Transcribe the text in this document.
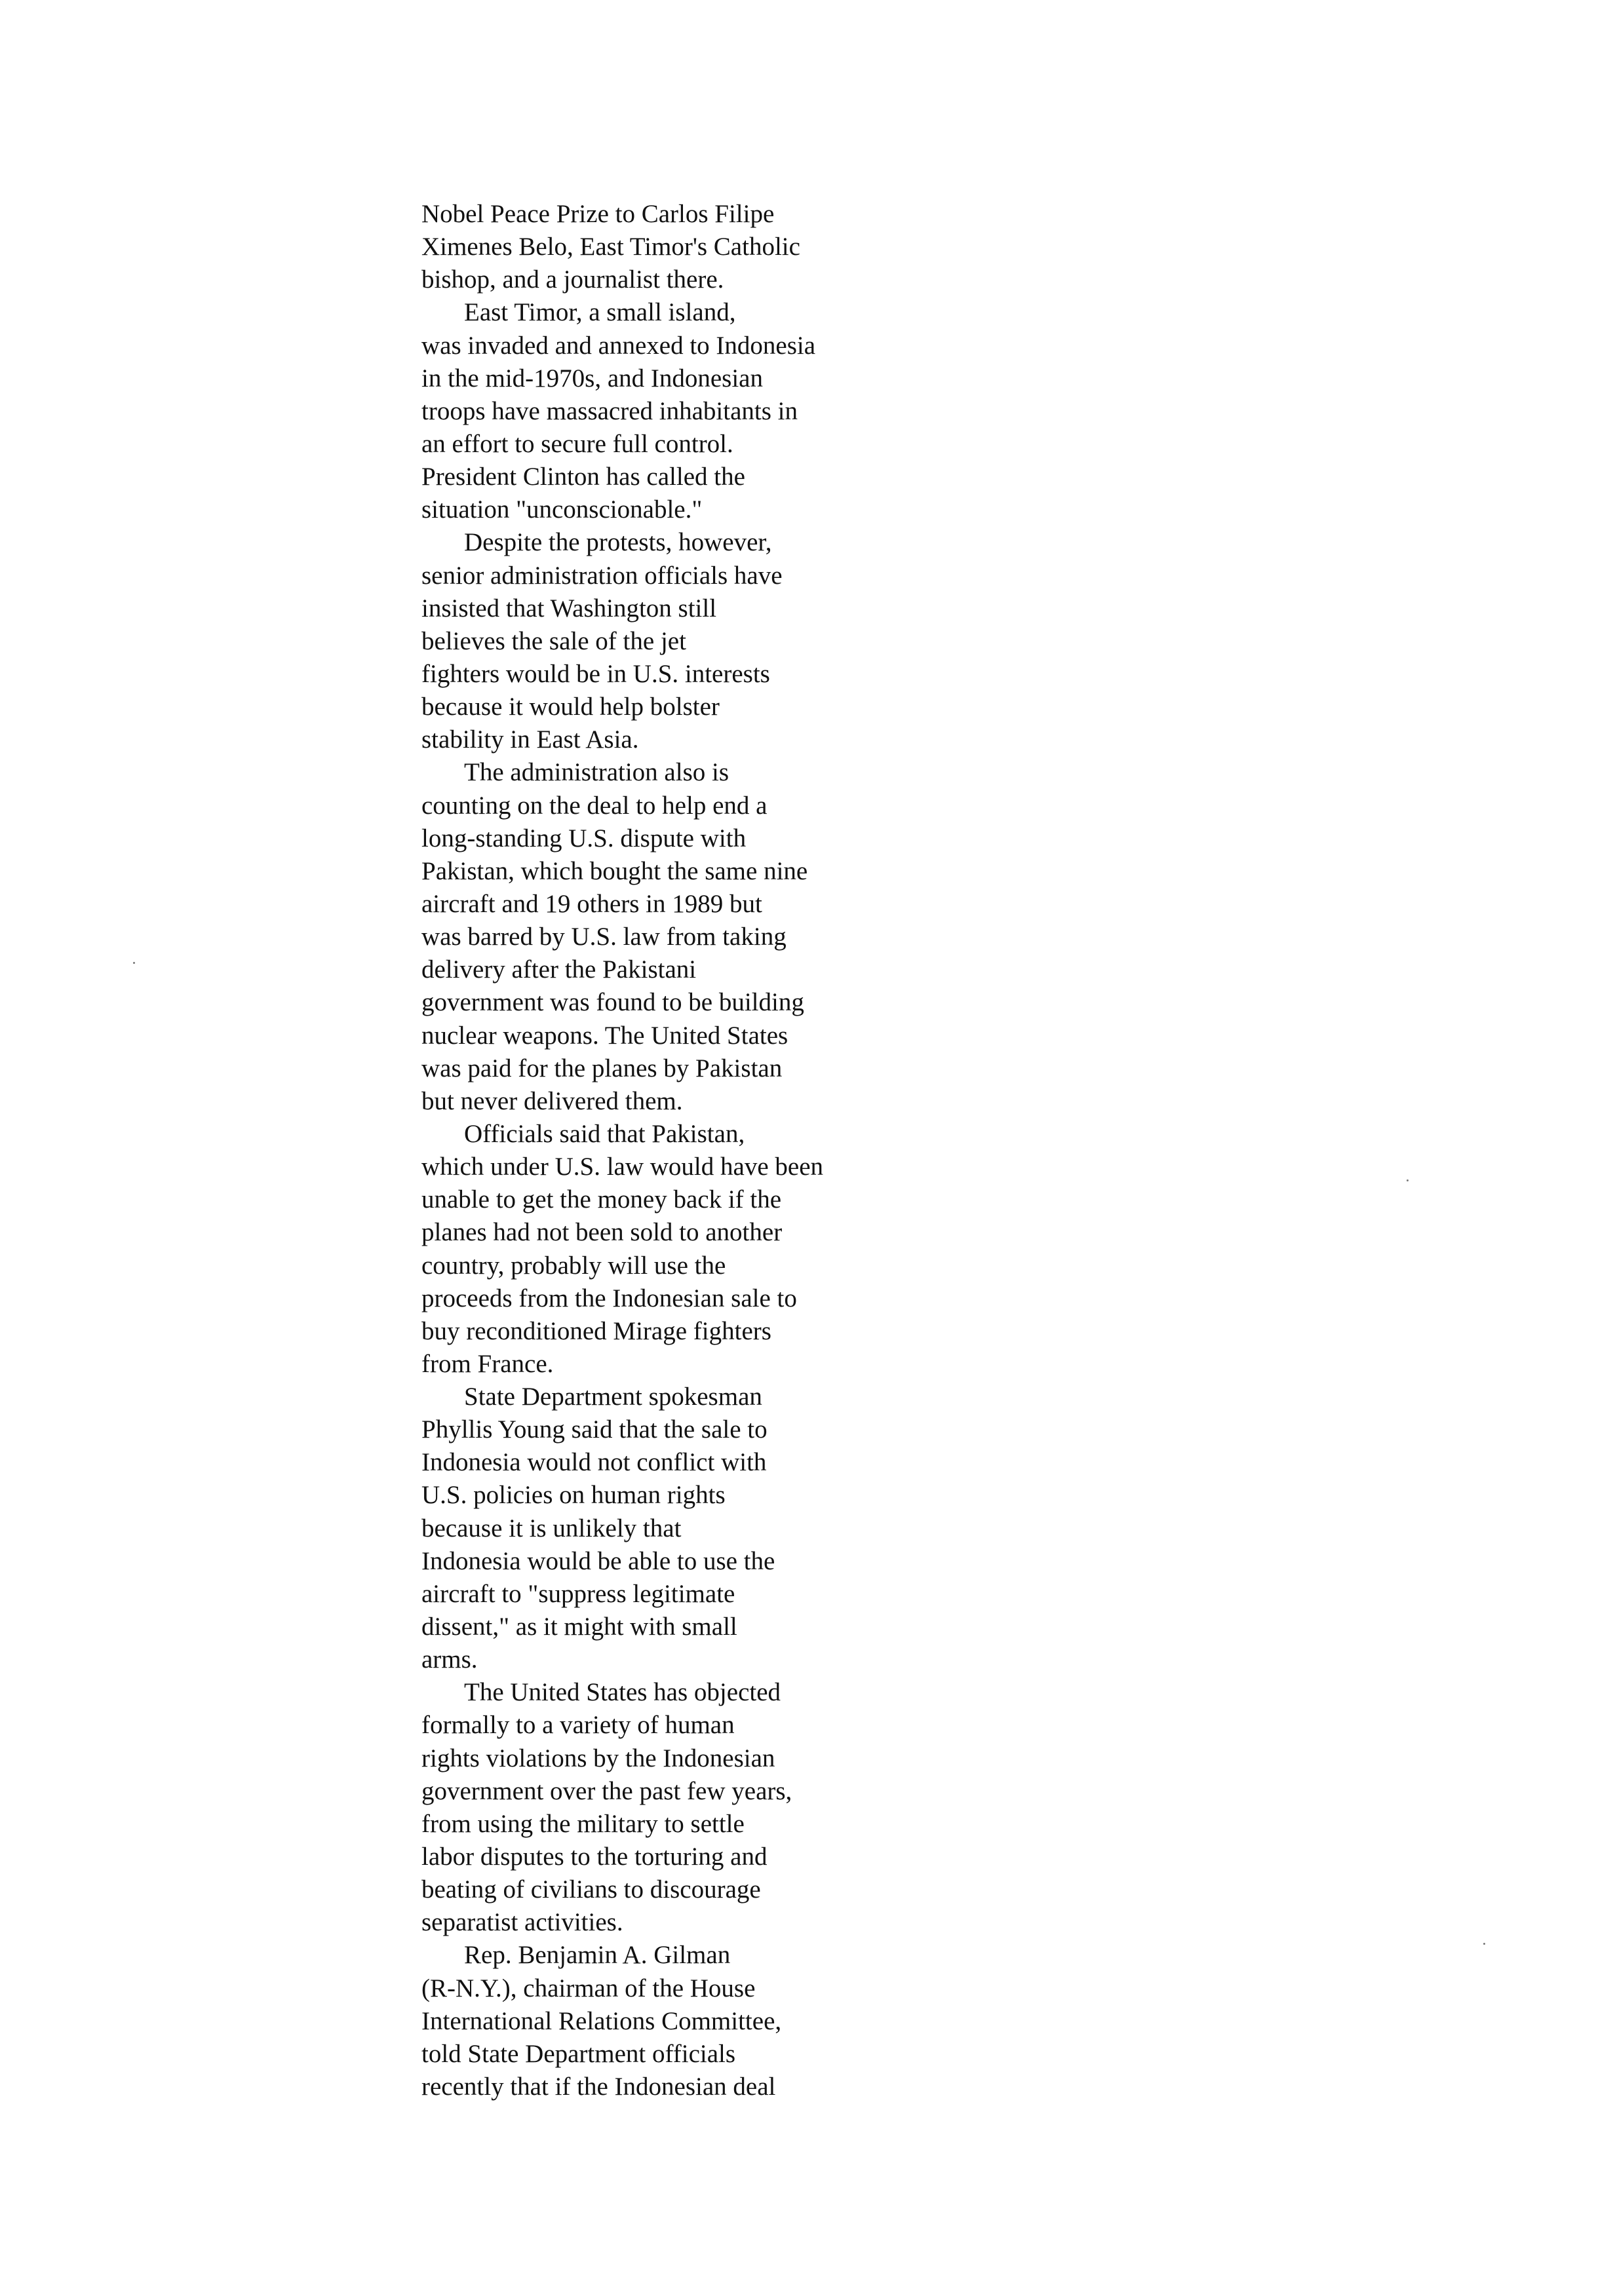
Nobel Peace Prize to Carlos Filipe
Ximenes Belo, East Timor's Catholic
bishop, and a journalist there.
East Timor, a small island,
was invaded and annexed to Indonesia
in the mid-1970s, and Indonesian
troops have massacred inhabitants in
an effort to secure full control.
President Clinton has called the
situation "unconscionable."
Despite the protests, however,
senior administration officials have
insisted that Washington still
believes the sale of the jet
fighters would be in U.S. interests
because it would help bolster
stability in East Asia.
The administration also is
counting on the deal to help end a
long-standing U.S. dispute with
Pakistan, which bought the same nine
aircraft and 19 others in 1989 but
was barred by U.S. law from taking
delivery after the Pakistani
government was found to be building
nuclear weapons. The United States
was paid for the planes by Pakistan
but never delivered them.
Officials said that Pakistan,
which under U.S. law would have been
unable to get the money back if the
planes had not been sold to another
country, probably will use the
proceeds from the Indonesian sale to
buy reconditioned Mirage fighters
from France.
State Department spokesman
Phyllis Young said that the sale to
Indonesia would not conflict with
U.S. policies on human rights
because it is unlikely that
Indonesia would be able to use the
aircraft to "suppress legitimate
dissent," as it might with small
arms.
The United States has objected
formally to a variety of human
rights violations by the Indonesian
government over the past few years,
from using the military to settle
labor disputes to the torturing and
beating of civilians to discourage
separatist activities.
Rep. Benjamin A. Gilman
(R-N.Y.), chairman of the House
International Relations Committee,
told State Department officials
recently that if the Indonesian deal
